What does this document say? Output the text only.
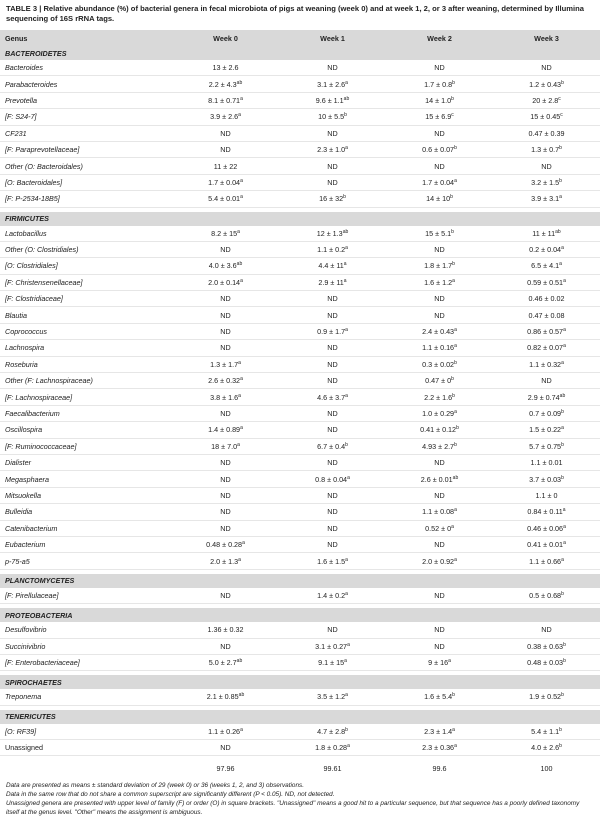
TABLE 3 | Relative abundance (%) of bacterial genera in fecal microbiota of pigs at weaning (week 0) and at week 1, 2, or 3 after weaning, determined by Illumina sequencing of 16S rRNA tags.
Genus	Week 0	Week 1	Week 2	Week 3
BACTEROIDETES				
Bacteroides	13 ± 2.6	ND	ND	ND
Parabacteroides	2.2 ± 4.3$^{ab}$	3.1 ± 2.6$^a$	1.7 ± 0.8$^b$	1.2 ± 0.43$^b$
Prevotella	8.1 ± 0.71$^a$	9.6 ± 1.1$^{ab}$	14 ± 1.0$^b$	20 ± 2.8$^c$
[F: S24-7]	3.9 ± 2.6$^a$	10 ± 5.5$^b$	15 ± 6.9$^c$	15 ± 0.45$^c$
CF231	ND	ND	ND	0.47 ± 0.39
[F: Paraprevotellaceae]	ND	2.3 ± 1.0$^a$	0.6 ± 0.07$^b$	1.3 ± 0.7$^b$
Other (O: Bacteroidales)	11 ± 22	ND	ND	ND
[O: Bacteroidales]	1.7 ± 0.04$^a$	ND	1.7 ± 0.04$^a$	3.2 ± 1.5$^b$
[F: P-2534-18B5]	5.4 ± 0.01$^a$	$16 \pm 32^b$	$14 \pm 10^b$	3.9 ± 3.1$^a$

FIRMICUTES				
Lactobacillus	$8.2 \pm 15^a$	12 ± 1.3$^{ab}$	15 ± 5.1$^b$	$11 \pm 11^{ab}$
Other (O: Clostridiales)	ND	1.1 ± 0.2$^a$	ND	0.2 ± 0.04$^a$
[O: Clostridiales]	4.0 ± 3.6$^{ab}$	$4.4 \pm 11^a$	1.8 ± 1.7$^b$	6.5 ± 4.1$^a$
[F: Christensenellaceae]	2.0 ± 0.14$^a$	$2.9 \pm 11^a$	1.6 ± 1.2$^a$	0.59 ± 0.51$^a$
[F: Clostridiaceae]	ND	ND	ND	0.46 ± 0.02
Blautia	ND	ND	ND	0.47 ± 0.08
Coprococcus	ND	0.9 ± 1.7$^a$	2.4 ± 0.43$^a$	0.86 ± 0.57$^a$
Lachnospira	ND	ND	1.1 ± 0.16$^a$	0.82 ± 0.07$^a$
Roseburia	1.3 ± 1.7$^a$	ND	0.3 ± 0.02$^b$	1.1 ± 0.32$^a$
Other (F: Lachnospiraceae)	2.6 ± 0.32$^a$	ND	$0.47 \pm 0^b$	ND
[F: Lachnospiraceae]	3.8 ± 1.6$^a$	4.6 ± 3.7$^a$	2.2 ± 1.6$^b$	2.9 ± 0.74$^{ab}$
Faecalibacterium	ND	ND	1.0 ± 0.29$^a$	0.7 ± 0.09$^b$
Oscillospira	1.4 ± 0.89$^a$	ND	0.41 ± 0.12$^b$	1.5 ± 0.22$^a$
[F: Ruminococcaceae]	18 ± 7.0$^a$	6.7 ± 0.4$^b$	4.93 ± 2.7$^b$	5.7 ± 0.75$^b$
Dialister	ND	ND	ND	1.1 ± 0.01
Megasphaera	ND	0.8 ± 0.04$^a$	2.6 ± 0.01$^{ab}$	3.7 ± 0.03$^b$
Mitsuokella	ND	ND	ND	1.1 ± 0
Bulleidia	ND	ND	1.1 ± 0.08$^a$	0.84 ± 0.11$^a$
Catenibacterium	ND	ND	$0.52 \pm 0^a$	0.46 ± 0.06$^a$
Eubacterium	0.48 ± 0.28$^a$	ND	ND	0.41 ± 0.01$^a$
p-75-a5	2.0 ± 1.3$^a$	1.6 ± 1.5$^a$	2.0 ± 0.92$^a$	1.1 ± 0.66$^a$

PLANCTOMYCETES				
[F: Pirellulaceae]	ND	1.4 ± 0.2$^a$	ND	0.5 ± 0.68$^b$

PROTEOBACTERIA				
Desulfovibrio	1.36 ± 0.32	ND	ND	ND
Succinivibrio	ND	3.1 ± 0.27$^a$	ND	0.38 ± 0.63$^b$
[F: Enterobacteriaceae]	5.0 ± 2.7$^{ab}$	$9.1 \pm 15^a$	$9 \pm 16^a$	0.48 ± 0.03$^b$

SPIROCHAETES				
Treponema	2.1 ± 0.85$^{ab}$	3.5 ± 1.2$^a$	1.6 ± 5.4$^b$	1.9 ± 0.52$^b$

TENERICUTES				
[O: RF39]	1.1 ± 0.26$^a$	4.7 ± 2.8$^b$	2.3 ± 1.4$^a$	5.4 ± 1.1$^b$
Unassigned	ND	1.8 ± 0.28$^a$	2.3 ± 0.36$^a$	4.0 ± 2.6$^b$

	97.96	99.61	99.6	100

Data are presented as means ± standard deviation of 29 (week 0) or 36 (weeks 1, 2, and 3) observations.

Data in the same row that do not share a common superscript are significantly different (P < 0.05). ND, not detected.

Unassigned genera are presented with upper level of family (F) or order (O) in square brackets. "Unassigned" means a good hit to a particular sequence, but that sequence has a poorly defined taxonomy itself at the genus level. "Other" means the assignment is ambiguous.
